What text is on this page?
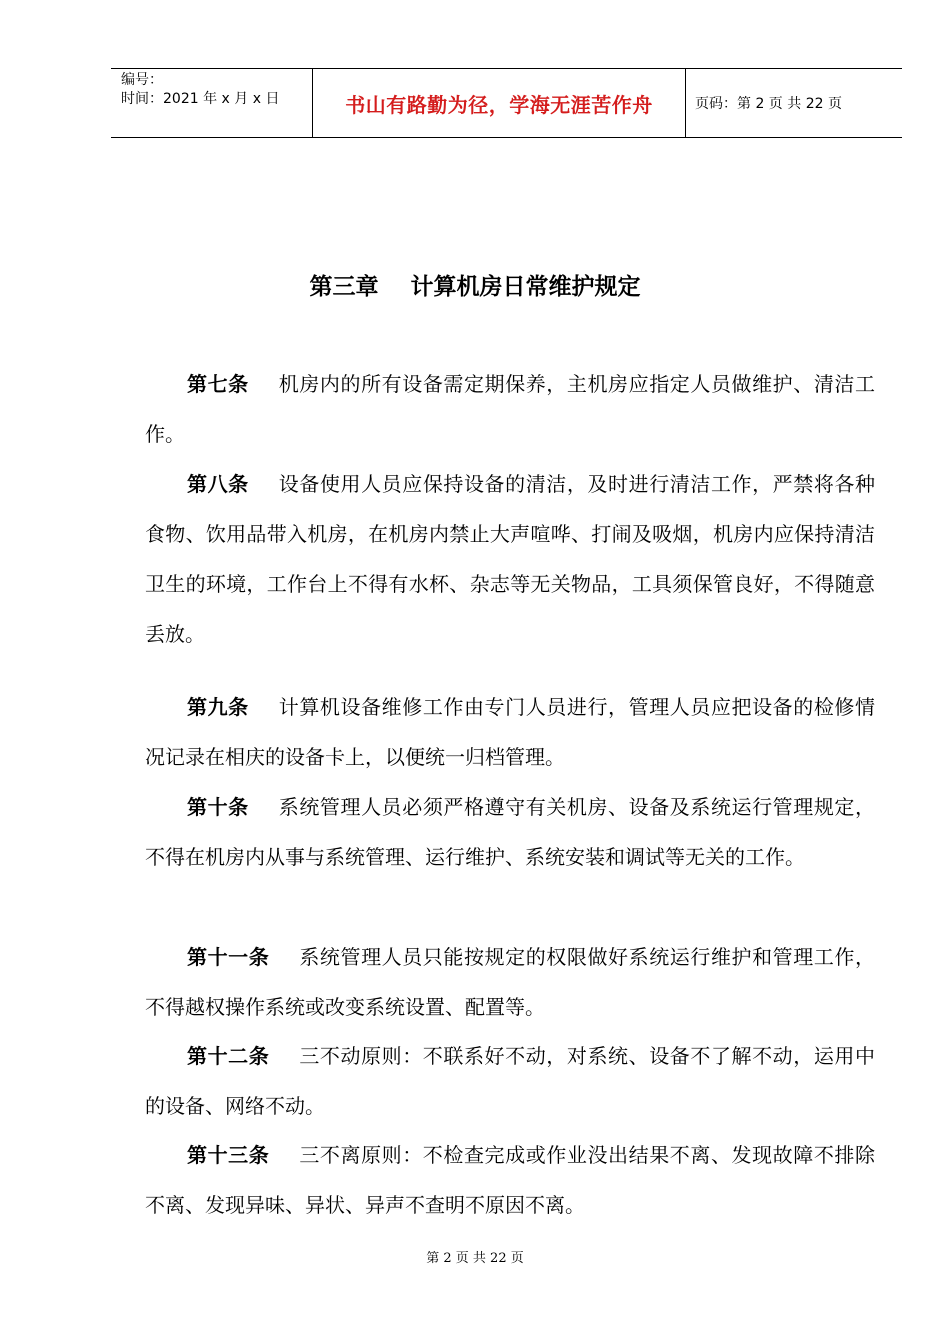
编号：
时间：2021 年 x 月 x 日	书山有路勤为径，学海无涯苦作舟	页码：第 2 页 共 22 页
第三章    计算机房日常维护规定
第七条 机房内的所有设备需定期保养，主机房应指定人员做维护、清洁工作。
第八条 设备使用人员应保持设备的清洁，及时进行清洁工作，严禁将各种食物、饮用品带入机房，在机房内禁止大声喧哗、打闹及吸烟，机房内应保持清洁卫生的环境，工作台上不得有水杯、杂志等无关物品，工具须保管良好，不得随意丢放。
第九条 计算机设备维修工作由专门人员进行，管理人员应把设备的检修情况记录在相庆的设备卡上，以便统一归档管理。
第十条 系统管理人员必须严格遵守有关机房、设备及系统运行管理规定，不得在机房内从事与系统管理、运行维护、系统安装和调试等无关的工作。
第十一条 系统管理人员只能按规定的权限做好系统运行维护和管理工作，不得越权操作系统或改变系统设置、配置等。
第十二条 三不动原则：不联系好不动，对系统、设备不了解不动，运用中的设备、网络不动。
第十三条 三不离原则：不检查完成或作业没出结果不离、发现故障不排除不离、发现异味、异状、异声不查明不原因不离。
第 2 页 共 22 页
